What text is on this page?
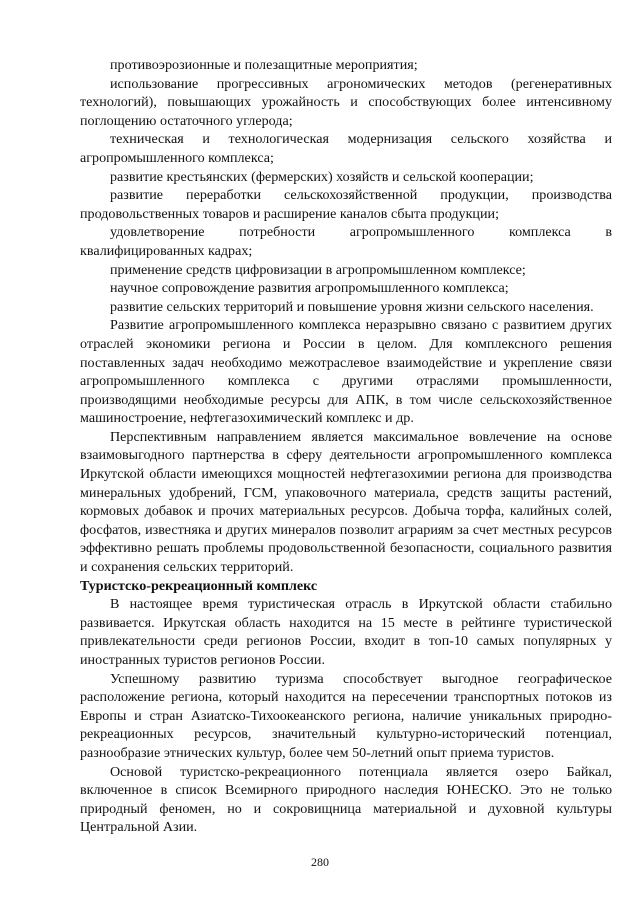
противоэрозионные и полезащитные мероприятия;

использование прогрессивных агрономических методов (регенеративных технологий), повышающих урожайность и способствующих более интенсивному поглощению остаточного углерода;

техническая и технологическая модернизация сельского хозяйства и агропромышленного комплекса;

развитие крестьянских (фермерских) хозяйств и сельской кооперации;

развитие переработки сельскохозяйственной продукции, производства продовольственных товаров и расширение каналов сбыта продукции;

удовлетворение потребности агропромышленного комплекса в квалифицированных кадрах;

применение средств цифровизации в агропромышленном комплексе;

научное сопровождение развития агропромышленного комплекса;

развитие сельских территорий и повышение уровня жизни сельского населения.

Развитие агропромышленного комплекса неразрывно связано с развитием других отраслей экономики региона и России в целом. Для комплексного решения поставленных задач необходимо межотраслевое взаимодействие и укрепление связи агропромышленного комплекса с другими отраслями промышленности, производящими необходимые ресурсы для АПК, в том числе сельскохозяйственное машиностроение, нефтегазохимический комплекс и др.

Перспективным направлением является максимальное вовлечение на основе взаимовыгодного партнерства в сферу деятельности агропромышленного комплекса Иркутской области имеющихся мощностей нефтегазохимии региона для производства минеральных удобрений, ГСМ, упаковочного материала, средств защиты растений, кормовых добавок и прочих материальных ресурсов. Добыча торфа, калийных солей, фосфатов, известняка и других минералов позволит аграриям за счет местных ресурсов эффективно решать проблемы продовольственной безопасности, социального развития и сохранения сельских территорий.

Туристско-рекреационный комплекс

В настоящее время туристическая отрасль в Иркутской области стабильно развивается. Иркутская область находится на 15 месте в рейтинге туристической привлекательности среди регионов России, входит в топ-10 самых популярных у иностранных туристов регионов России.

Успешному развитию туризма способствует выгодное географическое расположение региона, который находится на пересечении транспортных потоков из Европы и стран Азиатско-Тихоокеанского региона, наличие уникальных природно-рекреационных ресурсов, значительный культурно-исторический потенциал, разнообразие этнических культур, более чем 50-летний опыт приема туристов.

Основой туристско-рекреационного потенциала является озеро Байкал, включенное в список Всемирного природного наследия ЮНЕСКО. Это не только природный феномен, но и сокровищница материальной и духовной культуры Центральной Азии.

280
